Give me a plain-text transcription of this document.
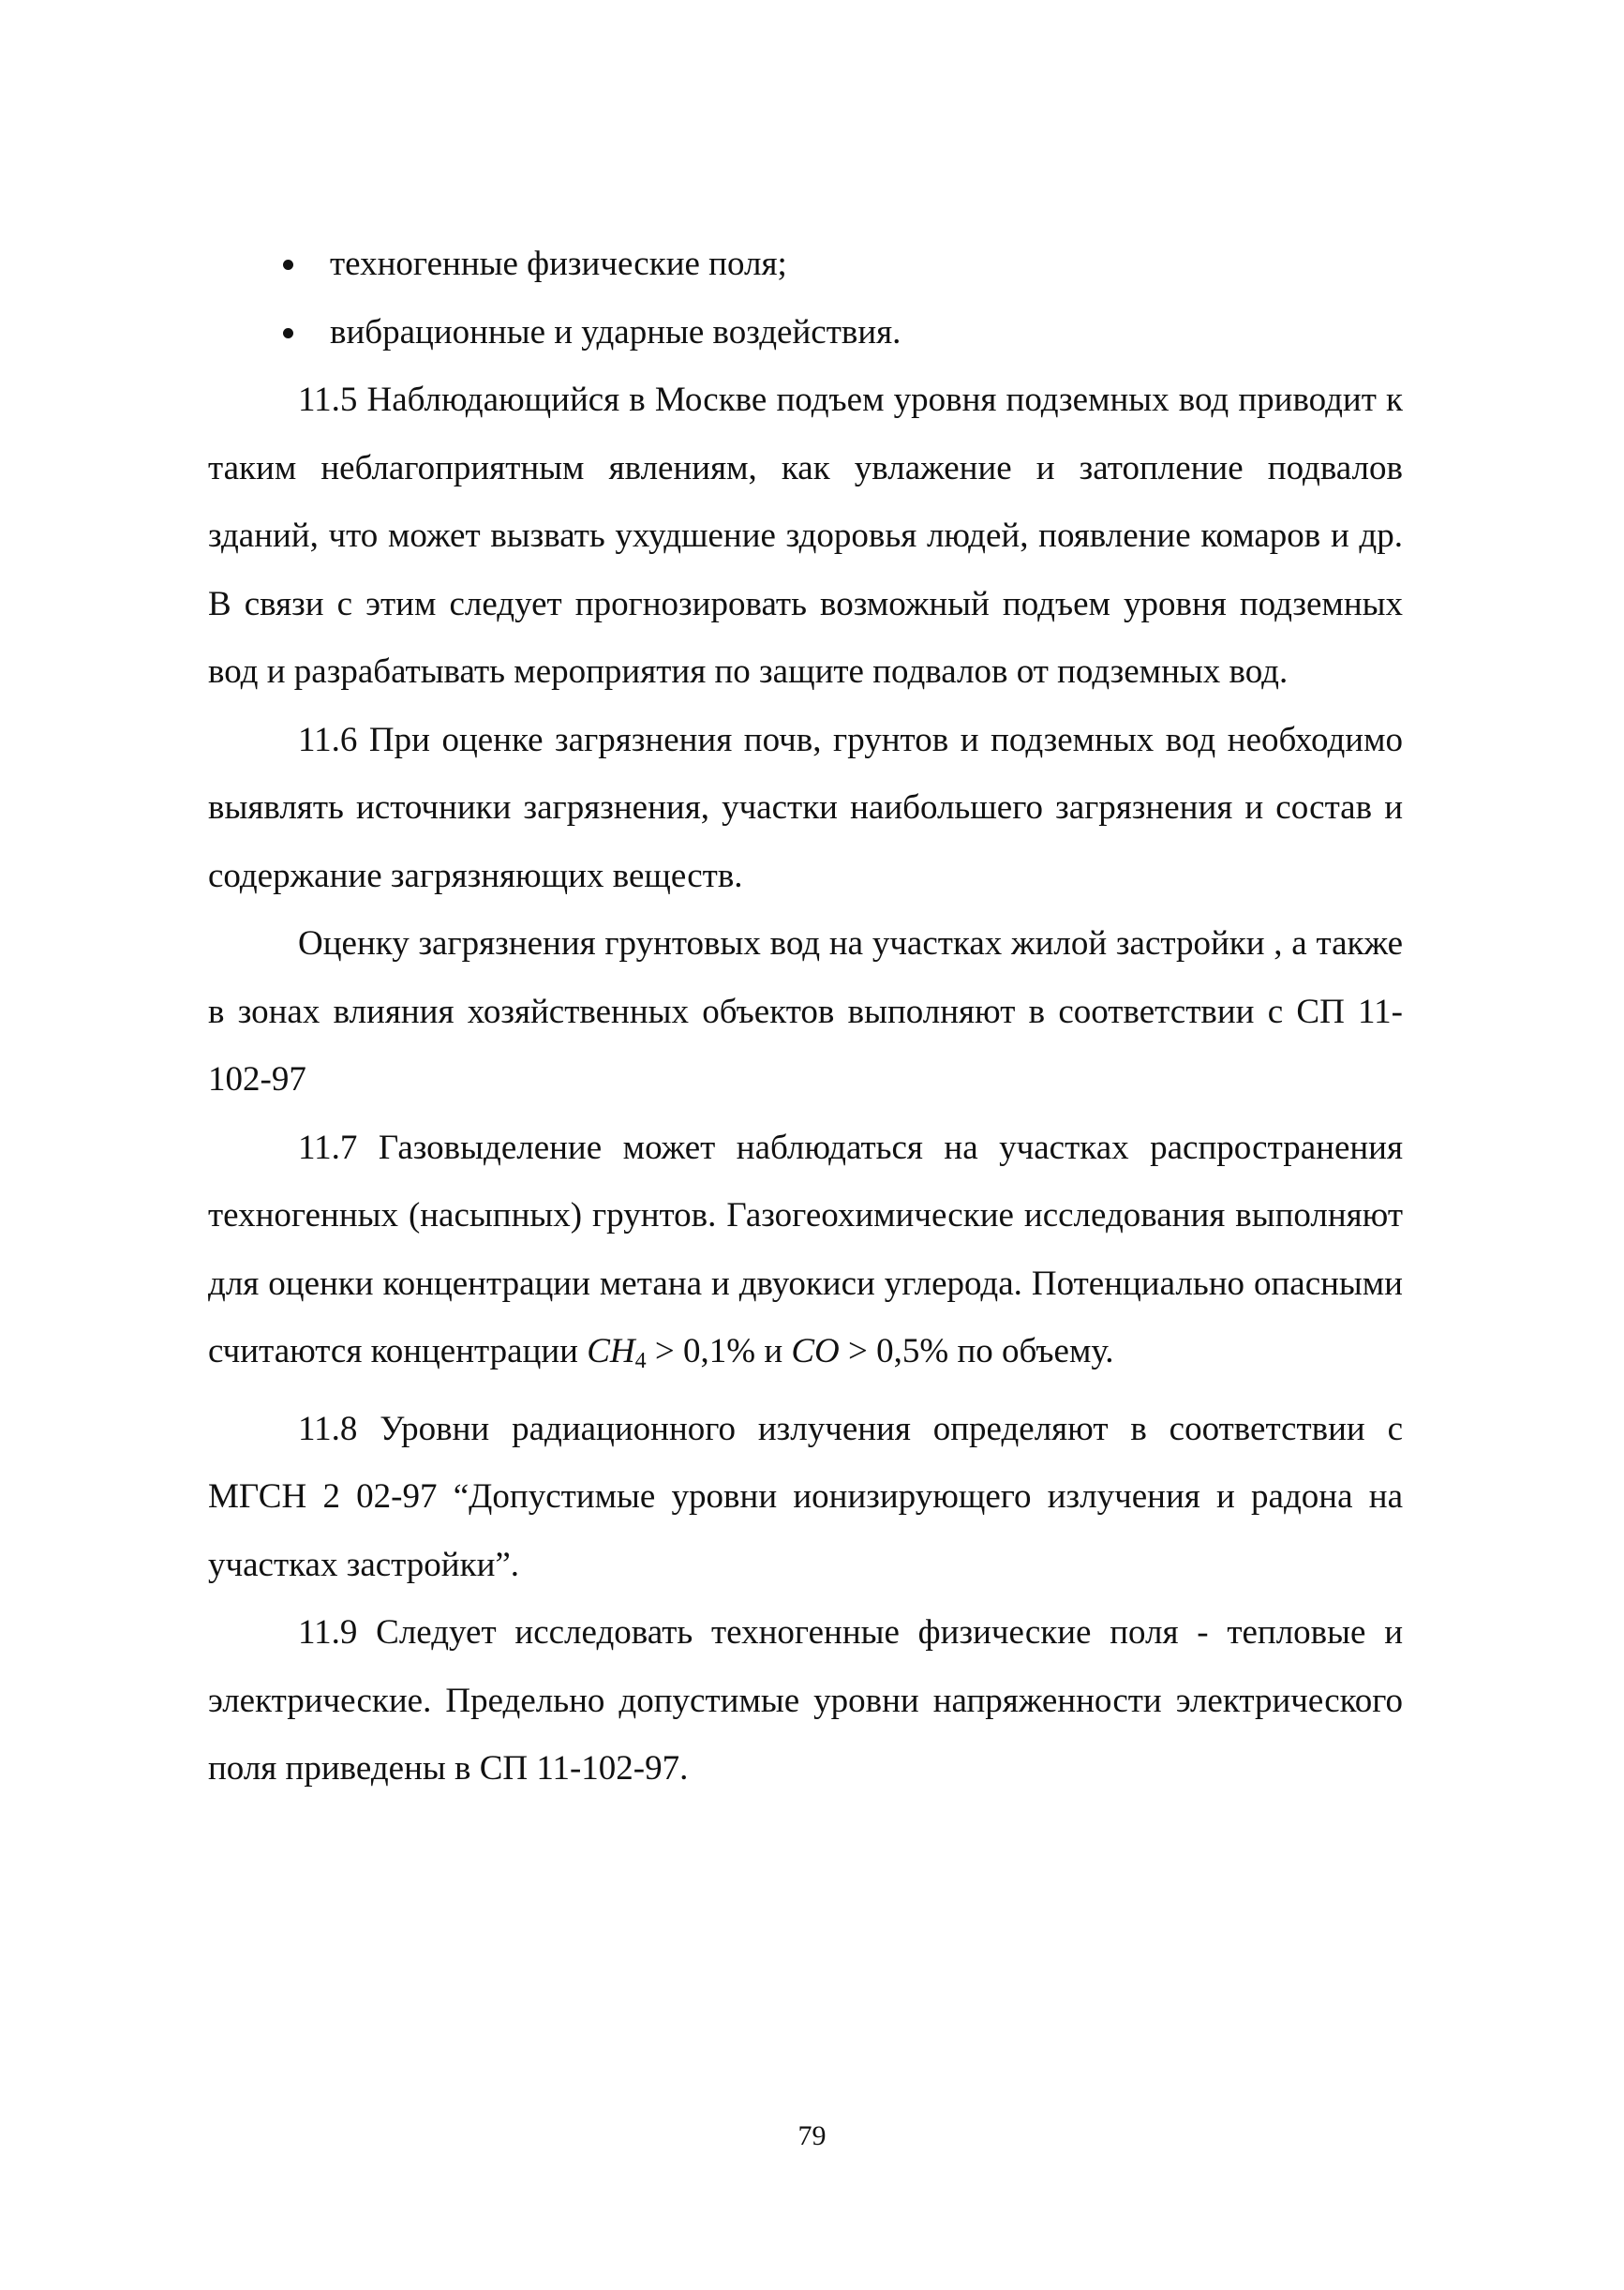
техногенные физические поля;
вибрационные и ударные воздействия.

11.5 Наблюдающийся в Москве подъем уровня подземных вод приводит к таким неблагоприятным явлениям, как увлажение и затопление подвалов зданий, что может вызвать ухудшение здоровья людей, появление комаров и др. В связи с этим следует прогнозировать возможный подъем уровня подземных вод и разрабатывать мероприятия по защите подвалов от подземных вод.

11.6 При оценке загрязнения почв, грунтов и подземных вод необходимо выявлять источники загрязнения, участки наибольшего загрязнения и состав и содержание загрязняющих веществ.

Оценку загрязнения грунтовых вод на участках жилой застройки , а также в зонах влияния хозяйственных объектов выполняют в соответствии с СП 11-102-97

11.7 Газовыделение может наблюдаться на участках распространения техногенных (насыпных) грунтов. Газогеохимические исследования выполняют для оценки концентрации метана и двуокиси углерода. Потенциально опасными считаются концентрации $CH_4 > 0,1\%$ и CO > 0,5% по объему.

11.8 Уровни радиационного излучения определяют в соответствии с МГСН 2 02-97 “Допустимые уровни ионизирующего излучения и радона на участках застройки”.

11.9 Следует исследовать техногенные физические поля - тепловые и электрические. Предельно допустимые уровни напряженности электрического поля приведены в СП 11-102-97.

79
